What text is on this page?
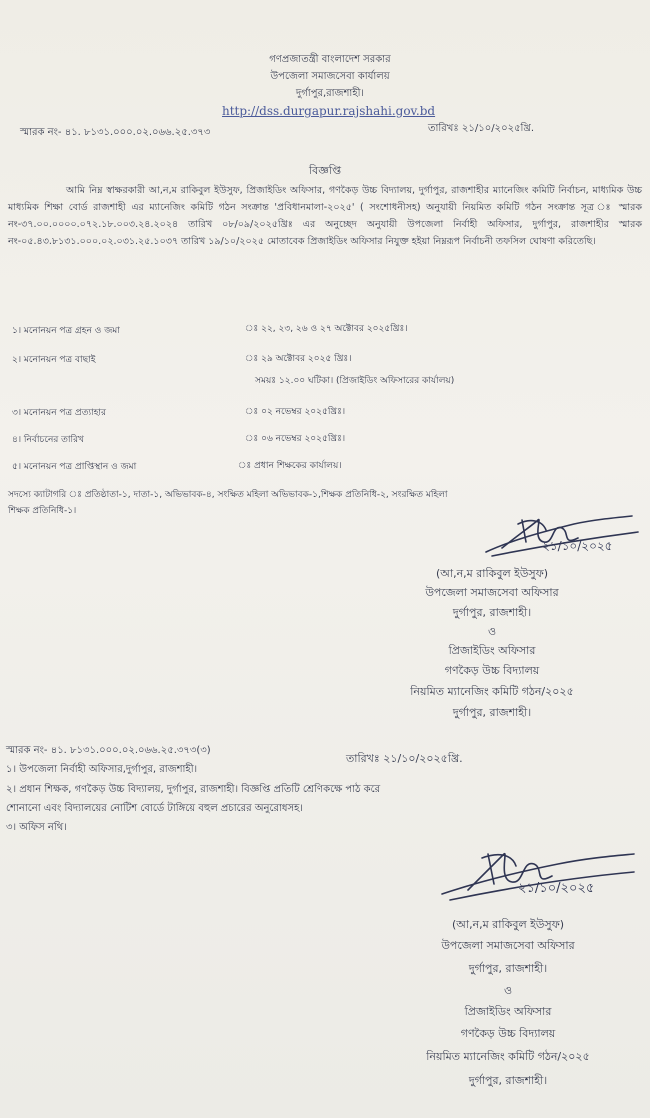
গণপ্রজাতন্ত্রী বাংলাদেশ সরকার
উপজেলা সমাজসেবা কার্যালয়
দুর্গাপুর,রাজশাহী।
http://dss.durgapur.rajshahi.gov.bd
স্মারক নং- ৪১. ৮১৩১.০০০.০২.০৬৬.২৫.৩৭৩	তারিখঃ ২১/১০/২০২৫খ্রি.
বিজ্ঞপ্তি
আমি নিম্ন স্বাক্ষরকারী আ,ন,ম রাকিবুল ইউসুফ, প্রিজাইডিং অফিসার, গণকৈড় উচ্চ বিদ্যালয়, দুর্গাপুর, রাজশাহীর ম্যানেজিং কমিটি নির্বাচন, মাধ্যমিক উচ্চ মাধ্যমিক শিক্ষা বোর্ড রাজশাহী এর ম্যানেজিং কমিটি গঠন সংক্রান্ত 'প্রবিধানমালা-২০২৫' ( সংশোধনীসহ) অনুযায়ী নিয়মিত কমিটি গঠন সংক্রান্ত সূত্র ঃ স্মারক নং-৩৭.০০.০০০০.০৭২.১৮.০০৩.২৪.২০২৪ তারিখ ০৮/০৯/২০২৫খ্রিঃ এর অনুচ্ছেদ অনুযায়ী উপজেলা নির্বাহী অফিসার, দুর্গাপুর, রাজশাহীর স্মারক নং-০৫.৪৩.৮১৩১.০০০.০২.০৩১.২৫.১০৩৭ তারিখ ১৯/১০/২০২৫ মোতাবেক প্রিজাইডিং অফিসার নিযুক্ত হইয়া নিম্নরূপ নির্বাচনী তফসিল ঘোষণা করিতেছি।
১। মনোনয়ন পত্র গ্রহন ও জমা	ঃ ২২, ২৩, ২৬ ও ২৭ অক্টোবর ২০২৫খ্রিঃ।
২। মনোনয়ন পত্র বাছাই	ঃ ২৯ অক্টোবর ২০২৫ খ্রিঃ।
সময়ঃ ১২.০০ ঘটিকা। (প্রিজাইডিং অফিসারের কার্যালয়)
৩। মনোনয়ন পত্র প্রত্যাহার	ঃ ০২ নভেম্বর ২০২৫খ্রিঃ।
৪। নির্বাচনের তারিখ	ঃ ০৬ নভেম্বর ২০২৫খ্রিঃ।
৫। মনোনয়ন পত্র প্রাপ্তিস্থান ও জমা	ঃ প্রধান শিক্ষকের কার্যালয়।
সদস্যে ক্যাটাগরি ঃ প্রতিষ্ঠাতা-১, দাতা-১, অভিভাবক-৪, সংক্ষিত মহিলা অভিভাবক-১,শিক্ষক প্রতিনিধি-২, সংরক্ষিত মহিলা
শিক্ষক প্রতিনিধি-১।
২১/১০/২০২৫
(আ,ন,ম রাকিবুল ইউসুফ)
উপজেলা সমাজসেবা অফিসার
দুর্গাপুর, রাজশাহী।
ও
প্রিজাইডিং অফিসার
গণকৈড় উচ্চ বিদ্যালয়
নিয়মিত ম্যানেজিং কমিটি গঠন/২০২৫
দুর্গাপুর, রাজশাহী।
স্মারক নং- ৪১. ৮১৩১.০০০.০২.০৬৬.২৫.৩৭৩(৩)
তারিখঃ ২১/১০/২০২৫খ্রি.
১। উপজেলা নির্বাহী অফিসার,দুর্গাপুর, রাজশাহী।
২। প্রধান শিক্ষক, গণকৈড় উচ্চ বিদ্যালয়, দুর্গাপুর, রাজশাহী। বিজ্ঞপ্তি প্রতিটি শ্রেণিকক্ষে পাঠ করে
শোনানো এবং বিদ্যালয়ের নোটিশ বোর্ডে টাঙ্গিয়ে বহুল প্রচারের অনুরোধসহ।
৩। অফিস নথি।
২১/১০/২০২৫
(আ,ন,ম রাকিবুল ইউসুফ)
উপজেলা সমাজসেবা অফিসার
দুর্গাপুর, রাজশাহী।
ও
প্রিজাইডিং অফিসার
গণকৈড় উচ্চ বিদ্যালয়
নিয়মিত ম্যানেজিং কমিটি গঠন/২০২৫
দুর্গাপুর, রাজশাহী।
